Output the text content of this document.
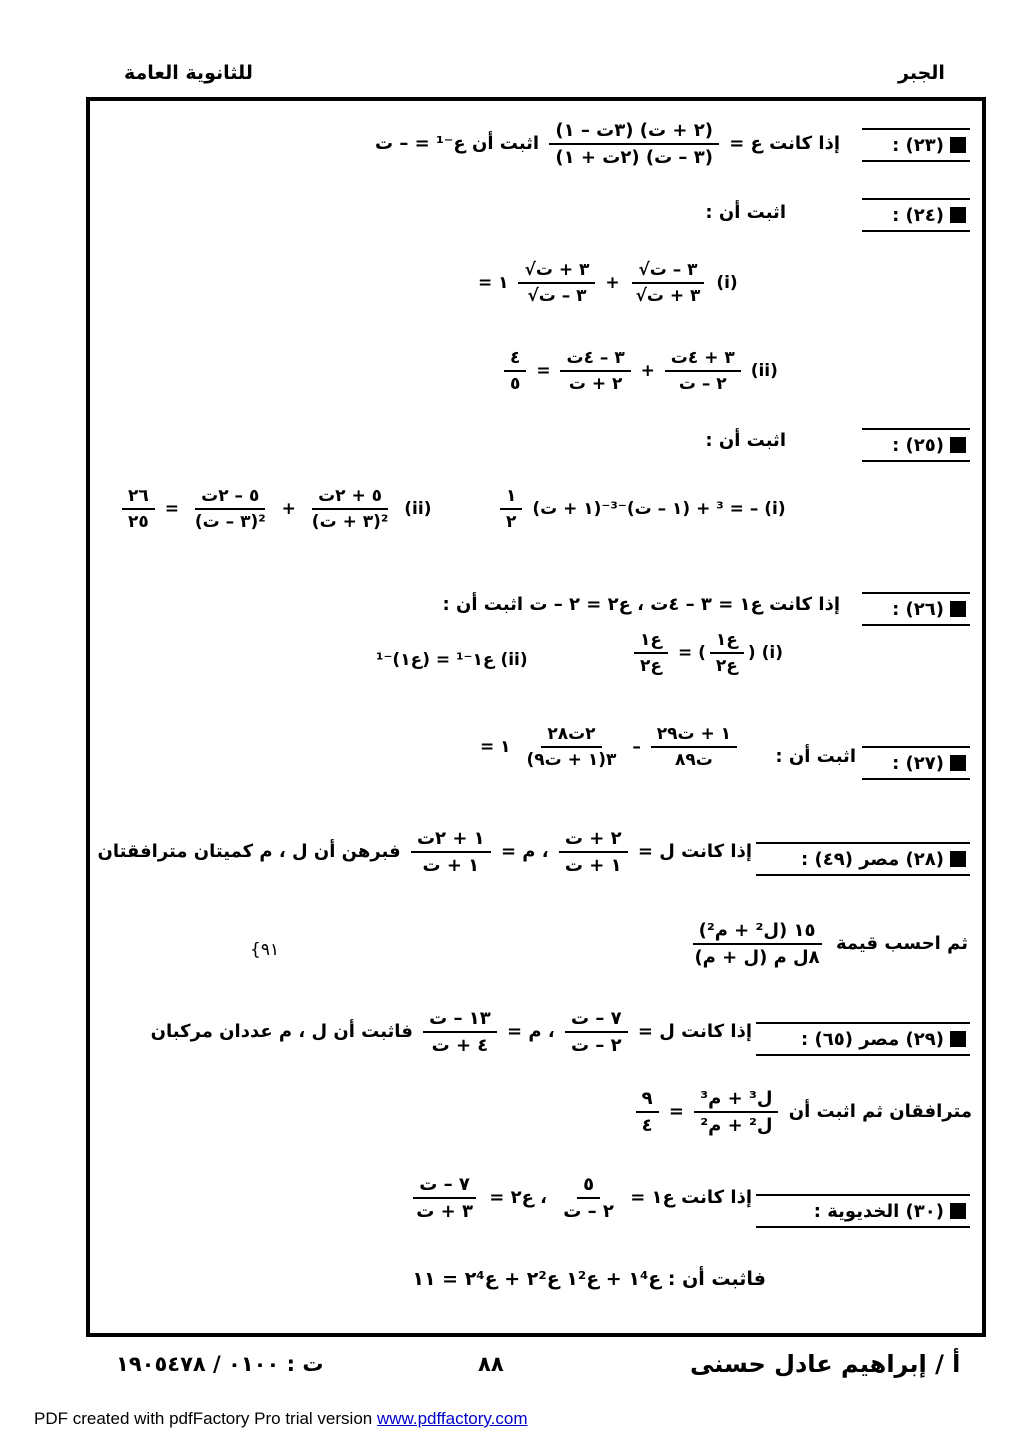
للثانوية العامة	الجبر
(٢٣) :
إذا كانت ع =
$\frac{\text{(٢ + ت) (٣ت – ١)}}{\text{(٣ – ت) (٢ت + ١)}}$
اثبت أن ع⁻¹ = – ت
(٢٤) :
اثبت أن :
= ١ $\frac{\text{√٣ + ت}}{\text{√٣ – ت}} + \frac{\text{√٣ – ت}}{\text{√٣ + ت}} (i)$
$\frac{٤}{٥} = \frac{\text{٣ – ٤ت}}{\text{٢ + ت}} + \frac{\text{٣ + ٤ت}}{\text{٢ – ت}} (ii)$
(٢٥) :
اثبت أن :
$\frac{٢٦}{٢٥} = \frac{\text{٥ – ٢ت}}{\text{(٣ – ت)²}} + \frac{\text{٥ + ٢ت}}{\text{(٣ + ت)²}} (ii)$	$\frac{١}{٢}$ (١ + ت)⁻³ + (١ – ت)⁻³ = – (i)
(٢٦) :
إذا كانت ع١ = ٣ – ٤ت ، ع٢ = ٢ – ت اثبت أن :
ع١⁻¹ = (ع١)⁻¹ (ii)	$\frac{\text{ع١}}{\text{ع٢}}$ = ( $\frac{\text{ع١}}{\text{ع٢}}$ ) (i)
(٢٧) :
= ١ $\frac{\text{٢ت٢٨}}{\text{(١ + ت٩)٣}} - \frac{\text{١ + ت٢٩}}{\text{ت٨٩}}$ اثبت أن :
(٢٨) مصر (٤٩) :
إذا كانت ل =
$\frac{\text{٢ + ت}}{\text{١ + ت}}$
، م =
$\frac{\text{١ + ٢ت}}{\text{١ + ت}}$
فبرهن أن ل ، م كميتان مترافقتان
ثم احسب قيمة
$\frac{\text{١٥ (ل² + م²)}}{\text{٨ل م (ل + م)}}$
{٩١
(٢٩) مصر (٦٥) :
إذا كانت ل =
$\frac{\text{٧ – ت}}{\text{٢ – ت}}$
، م =
$\frac{\text{١٣ – ت}}{\text{٤ + ت}}$
فاثبت أن ل ، م عددان مركبان
مترافقان ثم اثبت أن
$\frac{\text{ل³ + م³}}{\text{ل² + م²}}$
=
$\frac{٩}{٤}$
(٣٠) الخديوية :
إذا كانت ع١ =
$\frac{٥}{\text{٢ – ت}}$
، ع٢ =
$\frac{\text{٧ – ت}}{\text{٣ + ت}}$
فاثبت أن : ع١⁴ + ع١² ع٢² + ع٢⁴ = ١١
ت : ٠١٠٠ / ١٩٠٥٤٧٨	٨٨	أ / إبراهيم عادل حسنى
PDF created with pdfFactory Pro trial version www.pdffactory.com
